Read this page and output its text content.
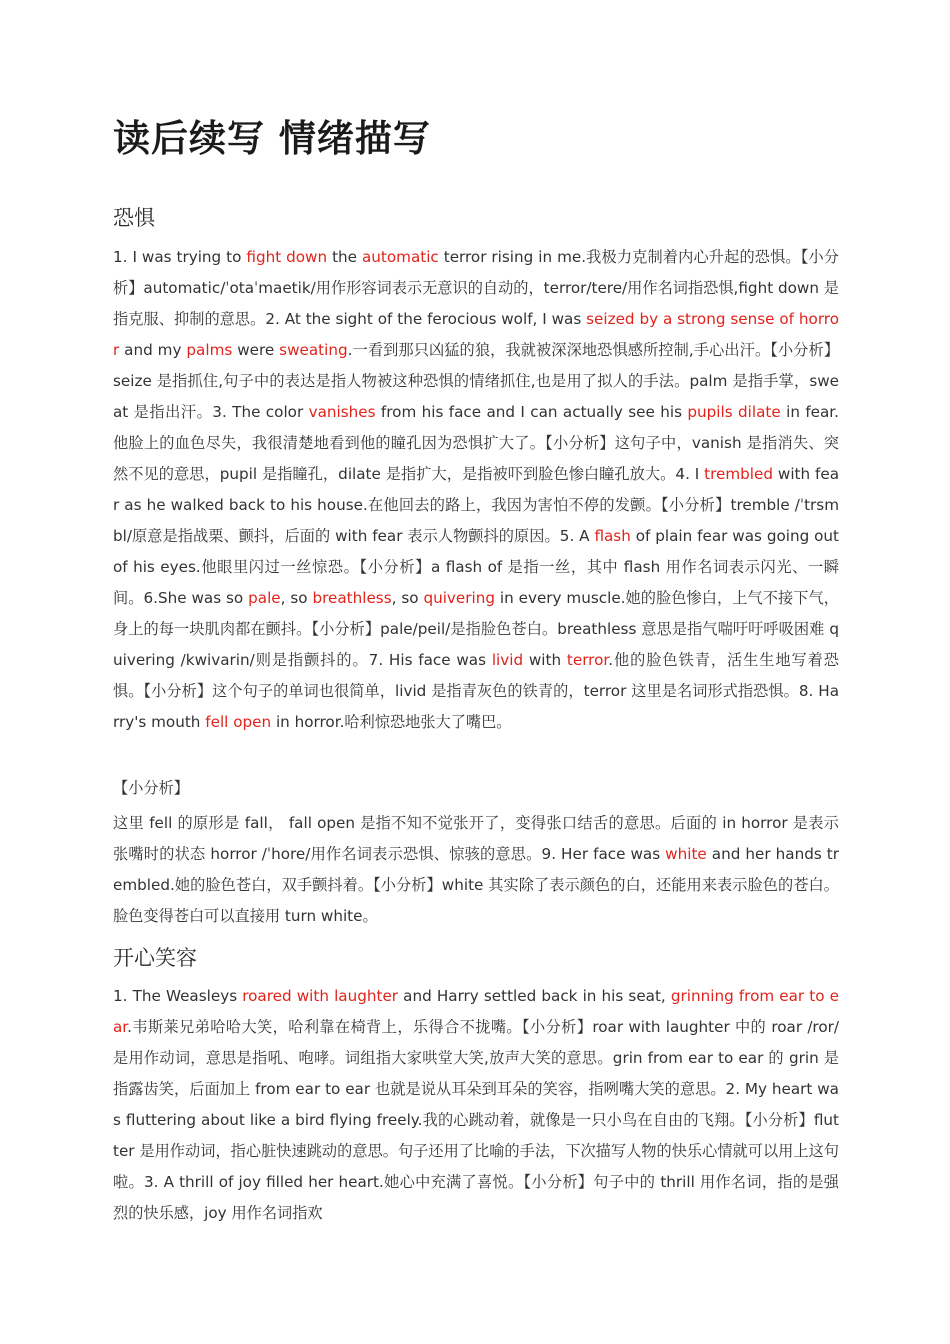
读后续写 情绪描写
恐惧
1. I was trying to fight down the automatic terror rising in me.我极力克制着内心升起的恐惧。【小分析】automatic/ˈotaˈmaetik/用作形容词表示无意识的自动的，terror/tere/用作名词指恐惧,fight down 是指克服、抑制的意思。2. At the sight of the ferocious wolf, I was seized by a strong sense of horror and my palms were sweating.一看到那只凶猛的狼，我就被深深地恐惧感所控制,手心出汗。【小分析】seize 是指抓住,句子中的表达是指人物被这种恐惧的情绪抓住,也是用了拟人的手法。palm 是指手掌，sweat 是指出汗。3. The color vanishes from his face and I can actually see his pupils dilate in fear.他脸上的血色尽失，我很清楚地看到他的瞳孔因为恐惧扩大了。【小分析】这句子中，vanish 是指消失、突然不见的意思，pupil 是指瞳孔，dilate 是指扩大，是指被吓到脸色惨白瞳孔放大。4. I trembled with fear as he walked back to his house.在他回去的路上，我因为害怕不停的发颤。【小分析】tremble /ˈtrsmbl/原意是指战栗、颤抖，后面的 with fear 表示人物颤抖的原因。5. A flash of plain fear was going out of his eyes.他眼里闪过一丝惊恐。【小分析】a flash of 是指一丝，其中 flash 用作名词表示闪光、一瞬间。6.She was so pale, so breathless, so quivering in every muscle.她的脸色惨白，上气不接下气，身上的每一块肌肉都在颤抖。【小分析】pale/peil/是指脸色苍白。breathless 意思是指气喘吁吁呼吸困难 quivering /kwivarin/则是指颤抖的。7. His face was livid with terror.他的脸色铁青，活生生地写着恐惧。【小分析】这个句子的单词也很简单，livid 是指青灰色的铁青的，terror 这里是名词形式指恐惧。8. Harry's mouth fell open in horror.哈利惊恐地张大了嘴巴。
【小分析】
这里 fell 的原形是 fall， fall open 是指不知不觉张开了，变得张口结舌的意思。后面的 in horror 是表示张嘴时的状态 horror /ˈhore/用作名词表示恐惧、惊骇的意思。9. Her face was white and her hands trembled.她的脸色苍白，双手颤抖着。【小分析】white 其实除了表示颜色的白，还能用来表示脸色的苍白。脸色变得苍白可以直接用 turn white。
开心笑容
1. The Weasleys roared with laughter and Harry settled back in his seat, grinning from ear to ear.韦斯莱兄弟哈哈大笑，哈利靠在椅背上，乐得合不拢嘴。【小分析】roar with laughter 中的 roar /ror/是用作动词，意思是指吼、咆哮。词组指大家哄堂大笑,放声大笑的意思。grin from ear to ear 的 grin 是指露齿笑，后面加上 from ear to ear 也就是说从耳朵到耳朵的笑容，指咧嘴大笑的意思。2. My heart was fluttering about like a bird flying freely.我的心跳动着，就像是一只小鸟在自由的飞翔。【小分析】flutter 是用作动词，指心脏快速跳动的意思。句子还用了比喻的手法，下次描写人物的快乐心情就可以用上这句啦。3. A thrill of joy filled her heart.她心中充满了喜悦。【小分析】句子中的 thrill 用作名词，指的是强烈的快乐感，joy 用作名词指欢
